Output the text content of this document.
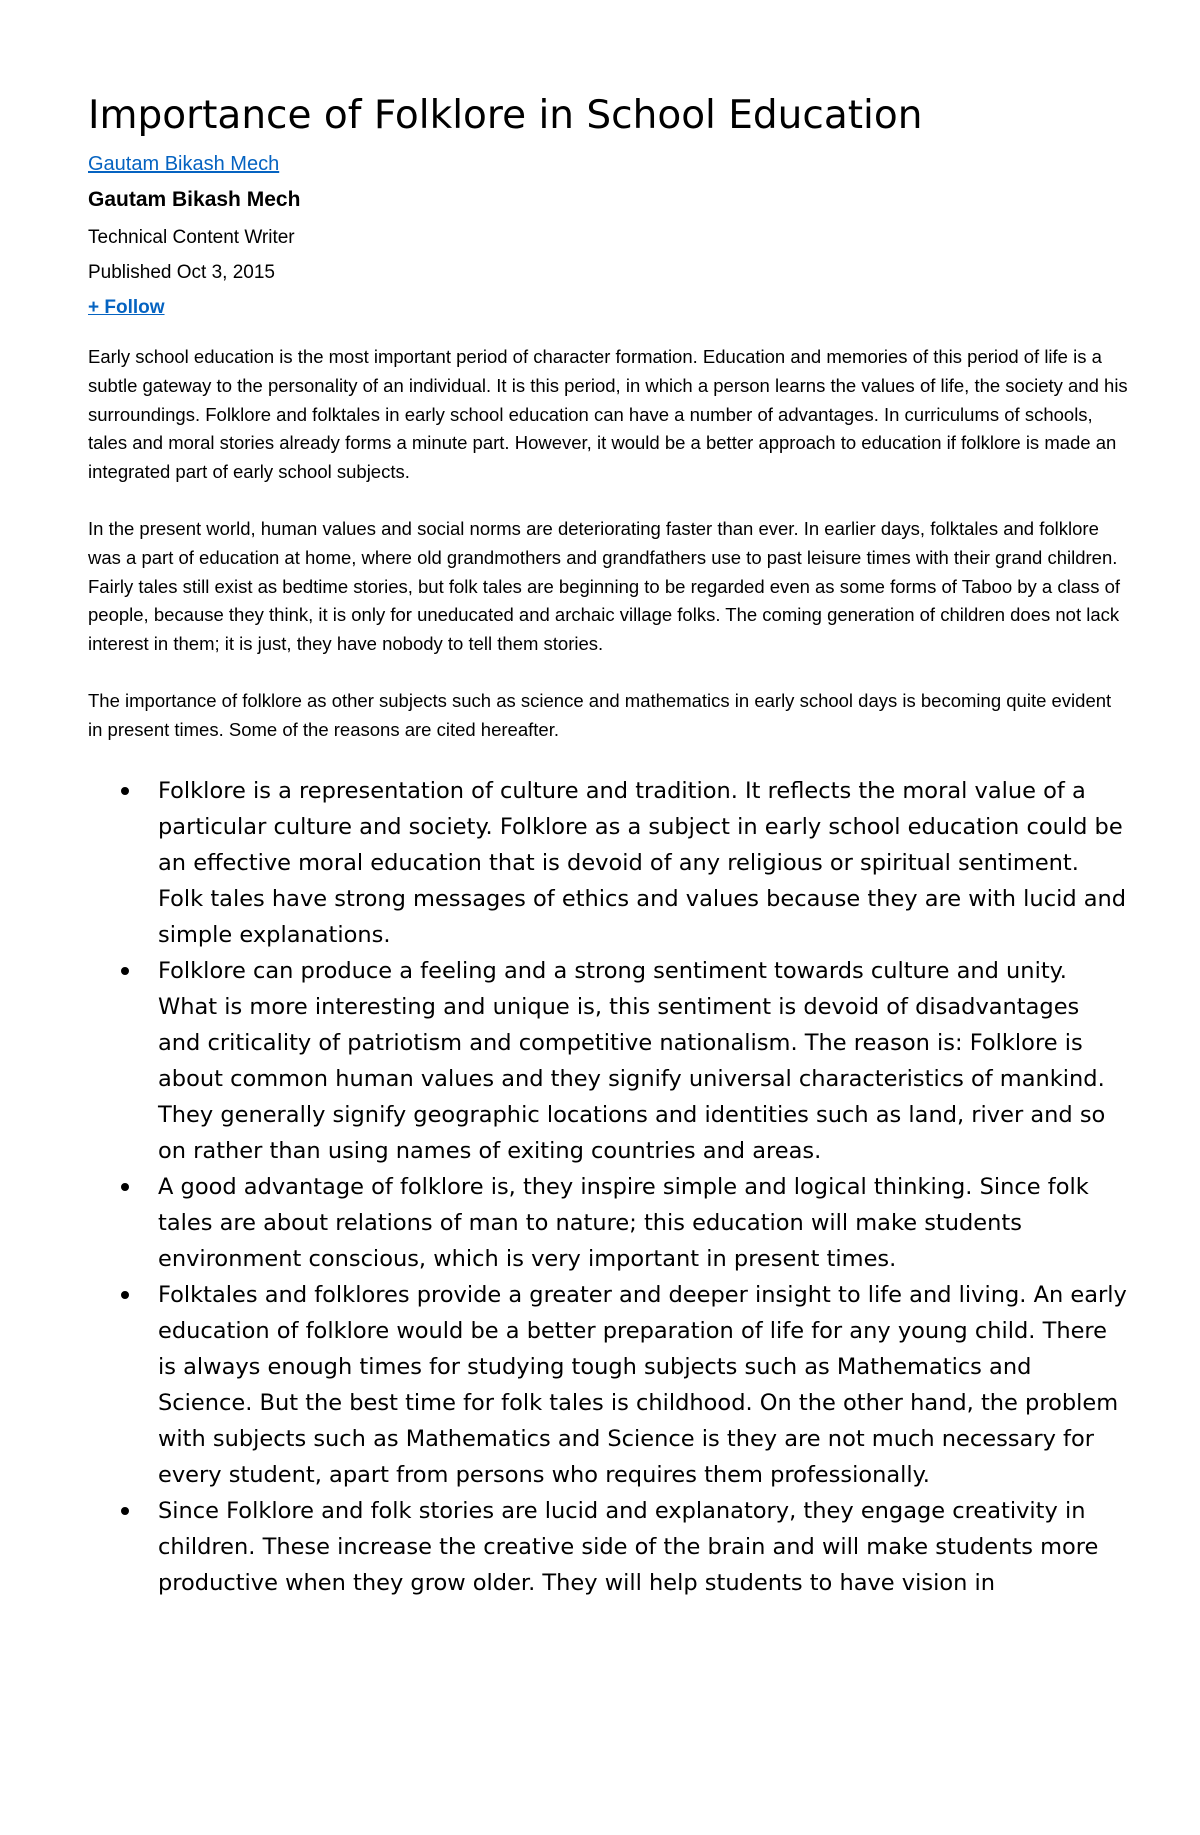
Importance of Folklore in School Education
Gautam Bikash Mech
Gautam Bikash Mech
Technical Content Writer
Published Oct 3, 2015
+ Follow

Early school education is the most important period of character formation. Education and memories of this period of life is a subtle gateway to the personality of an individual. It is this period, in which a person learns the values of life, the society and his surroundings. Folklore and folktales in early school education can have a number of advantages. In curriculums of schools, tales and moral stories already forms a minute part. However, it would be a better approach to education if folklore is made an integrated part of early school subjects.

In the present world, human values and social norms are deteriorating faster than ever. In earlier days, folktales and folklore was a part of education at home, where old grandmothers and grandfathers use to past leisure times with their grand children. Fairly tales still exist as bedtime stories, but folk tales are beginning to be regarded even as some forms of Taboo by a class of people, because they think, it is only for uneducated and archaic village folks. The coming generation of children does not lack interest in them; it is just, they have nobody to tell them stories.

The importance of folklore as other subjects such as science and mathematics in early school days is becoming quite evident in present times. Some of the reasons are cited hereafter.

Folklore is a representation of culture and tradition. It reflects the moral value of a particular culture and society. Folklore as a subject in early school education could be an effective moral education that is devoid of any religious or spiritual sentiment. Folk tales have strong messages of ethics and values because they are with lucid and simple explanations.
Folklore can produce a feeling and a strong sentiment towards culture and unity. What is more interesting and unique is, this sentiment is devoid of disadvantages and criticality of patriotism and competitive nationalism. The reason is: Folklore is about common human values and they signify universal characteristics of mankind. They generally signify geographic locations and identities such as land, river and so on rather than using names of exiting countries and areas.
A good advantage of folklore is, they inspire simple and logical thinking. Since folk tales are about relations of man to nature; this education will make students environment conscious, which is very important in present times.
Folktales and folklores provide a greater and deeper insight to life and living. An early education of folklore would be a better preparation of life for any young child. There is always enough times for studying tough subjects such as Mathematics and Science. But the best time for folk tales is childhood. On the other hand, the problem with subjects such as Mathematics and Science is they are not much necessary for every student, apart from persons who requires them professionally.
Since Folklore and folk stories are lucid and explanatory, they engage creativity in children. These increase the creative side of the brain and will make students more productive when they grow older. They will help students to have vision in
